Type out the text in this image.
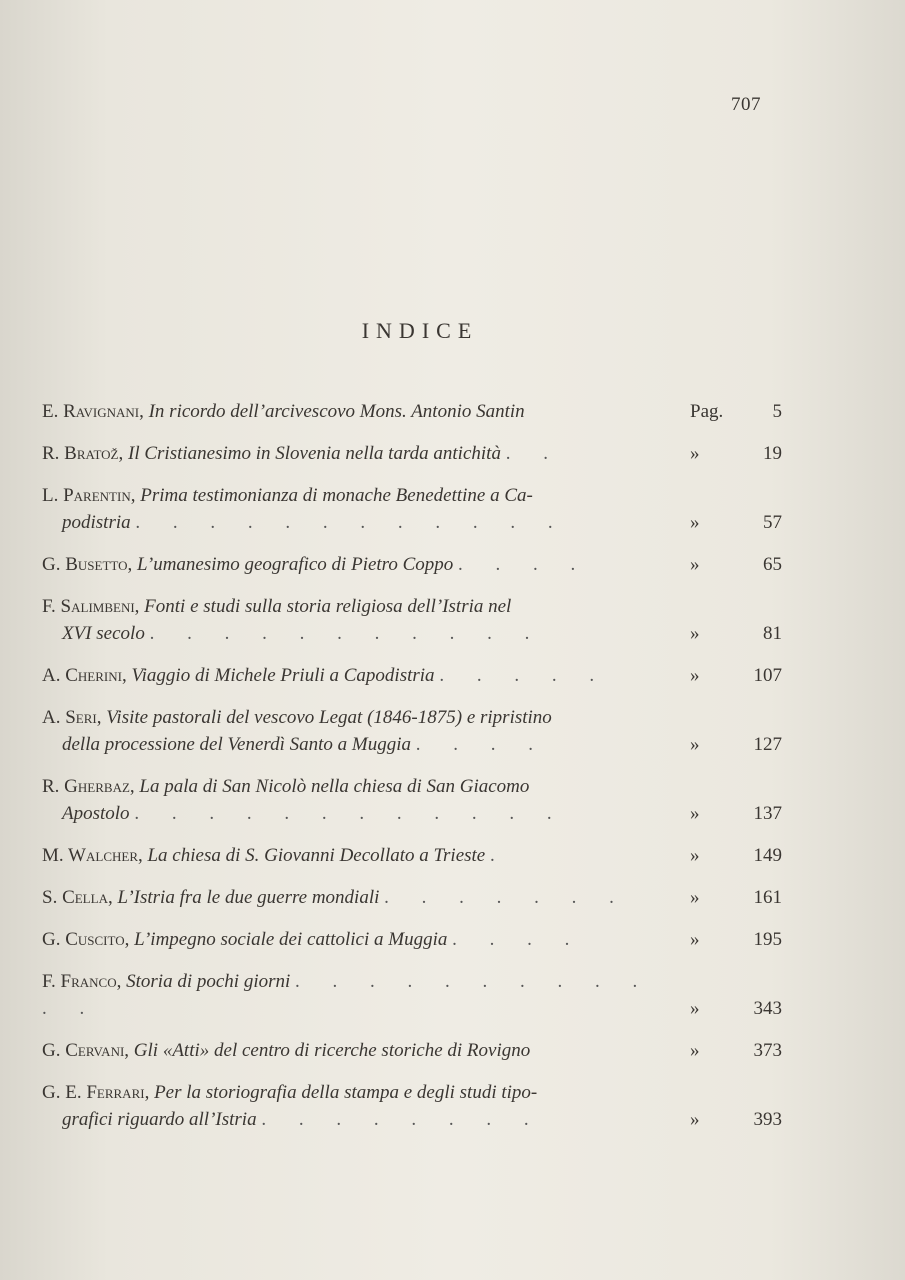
707
INDICE
E. Ravignani, In ricordo dell’arcivescovo Mons. Antonio Santin	Pag.	5
R. Bratož, Il Cristianesimo in Slovenia nella tarda antichità . .	»	19
L. Parentin, Prima testimonianza di monache Benedettine a Ca-
podistria . . . . . . . . . . . .	»	57
G. Busetto, L’umanesimo geografico di Pietro Coppo . . . .	»	65
F. Salimbeni, Fonti e studi sulla storia religiosa dell’Istria nel
XVI secolo . . . . . . . . . . .	»	81
A. Cherini, Viaggio di Michele Priuli a Capodistria . . . . .	»	107
A. Seri, Visite pastorali del vescovo Legat (1846-1875) e ripristino
della processione del Venerdì Santo a Muggia . . . .	»	127
R. Gherbaz, La pala di San Nicolò nella chiesa di San Giacomo
Apostolo . . . . . . . . . . . .	»	137
M. Walcher, La chiesa di S. Giovanni Decollato a Trieste .	»	149
S. Cella, L’Istria fra le due guerre mondiali . . . . . . .	»	161
G. Cuscito, L’impegno sociale dei cattolici a Muggia . . . .	»	195
F. Franco, Storia di pochi giorni . . . . . . . . . . . .	»	343
G. Cervani, Gli «Atti» del centro di ricerche storiche di Rovigno	»	373
G. E. Ferrari, Per la storiografia della stampa e degli studi tipo-
grafici riguardo all’Istria . . . . . . . .	»	393
